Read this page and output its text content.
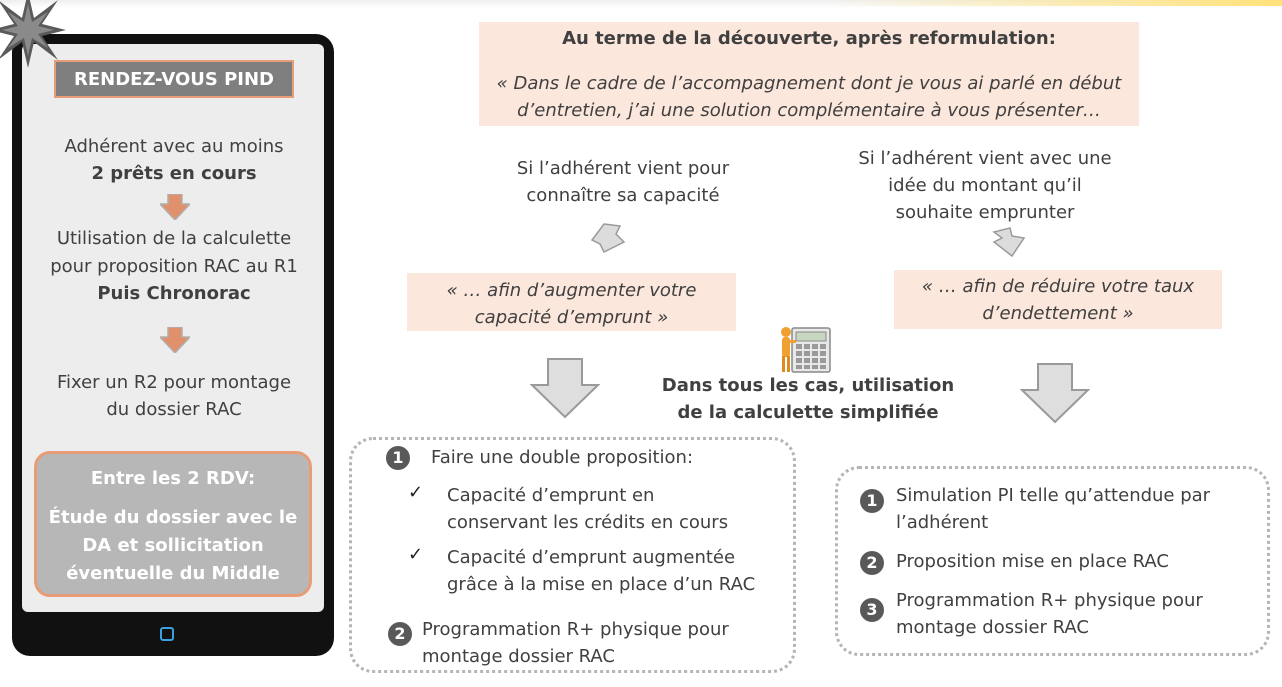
RENDEZ-VOUS PIND
Adhérent avec au moins
2 prêts en cours
Utilisation de la calculette
pour proposition RAC au R1
Puis Chronorac
Fixer un R2 pour montage
du dossier RAC
Entre les 2 RDV:
Étude du dossier avec le
DA et sollicitation
éventuelle du Middle
Au terme de la découverte, après reformulation:
« Dans le cadre de l’accompagnement dont je vous ai parlé en début
d’entretien, j’ai une solution complémentaire à vous présenter…
Si l’adhérent vient pour
connaître sa capacité
« … afin d’augmenter votre
capacité d’emprunt »
Si l’adhérent vient avec une
idée du montant qu’il
souhaite emprunter
« … afin de réduire votre taux
d’endettement »
Dans tous les cas, utilisation
de la calculette simplifiée
1	Faire une double proposition:
✓ Capacité d’emprunt en
conservant les crédits en cours
✓ Capacité d’emprunt augmentée
grâce à la mise en place d’un RAC
2 Programmation R+ physique pour
montage dossier RAC
1	Simulation PI telle qu’attendue par
l’adhérent
2	Proposition mise en place RAC
3	Programmation R+ physique pour
montage dossier RAC
